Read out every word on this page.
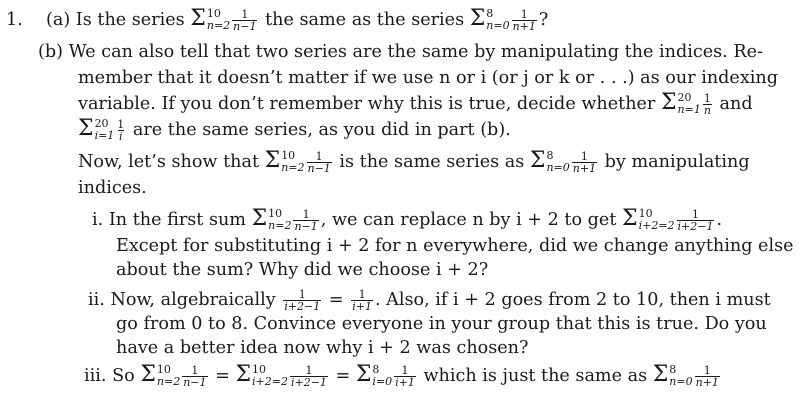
1. (a) Is the series Σ 10
$n=2 \frac{1}{n-1}$ the same as the series Σ 8
$n=0 \frac{1}{n+1}$ ?
(b) We can also tell that two series are the same by manipulating the indices. Re-
member that it doesn’t matter if we use n or i (or j or k or . . .) as our indexing
variable. If you don’t remember why this is true, decide whether Σ 20
$n=1 \frac{1}{n}$ and
Σ 20
$i=1 \frac{1}{i}$ are the same series, as you did in part (b).
Now, let’s show that Σ 10
$n=2 \frac{1}{n-1}$ is the same series as Σ 8
$n=0 \frac{1}{n+1}$ by manipulating
indices.
i. In the first sum Σ 10
$n=2 \frac{1}{n-1}$ , we can replace n by i + 2 to get Σ 10
$i+2=2 \frac{1}{i+2-1}$ .
Except for substituting i + 2 for n everywhere, did we change anything else
about the sum? Why did we choose i + 2?
ii. Now, algebraically $\frac{1}{i+2-1} = \frac{1}{i+1}$ . Also, if i + 2 goes from 2 to 10, then i must
go from 0 to 8. Convince everyone in your group that this is true. Do you
have a better idea now why i + 2 was chosen?
iii. So Σ 10
$n=2 \frac{1}{n-1} = \Sigma$ 10
$i+2=2 \frac{1}{i+2-1} = \Sigma$ 8
$i=0 \frac{1}{i+1}$ which is just the same as Σ 8
$n=0 \frac{1}{n+1}$
